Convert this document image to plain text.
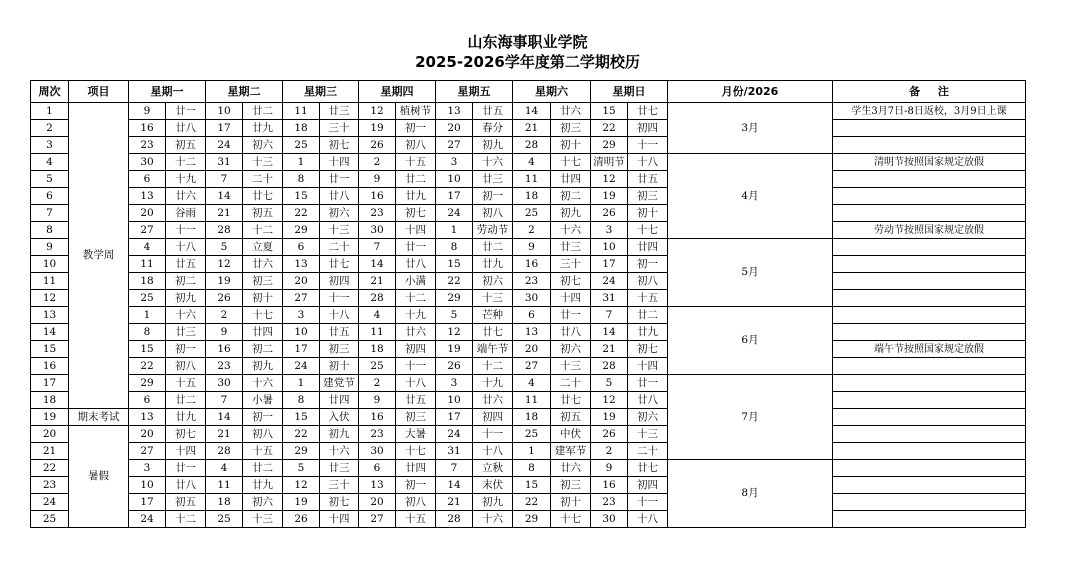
山东海事职业学院
2025-2026学年度第二学期校历
周次	项目	星期一		星期二		星期三		星期四		星期五		星期六		星期日		月份/2026	备 注
1	教学周	9	廿一	10	廿二	11	廿三	12	植树节	13	廿五	14	廿六	15	廿七	3月	学生3月7日-8日返校，3月9日上课
2		16	廿八	17	廿九	18	三十	19	初一	20	春分	21	初三	22	初四		
3		23	初五	24	初六	25	初七	26	初八	27	初九	28	初十	29	十一		
4		30	十二	31	十三	1	十四	2	十五	3	十六	4	十七	清明节	十八	4月	清明节按照国家规定放假
5		6	十九	7	二十	8	廿一	9	廿二	10	廿三	11	廿四	12	廿五		
6		13	廿六	14	廿七	15	廿八	16	廿九	17	初一	18	初二	19	初三		
7		20	谷雨	21	初五	22	初六	23	初七	24	初八	25	初九	26	初十		
8		27	十一	28	十二	29	十三	30	十四	1	劳动节	2	十六	3	十七		劳动节按照国家规定放假
9		4	十八	5	立夏	6	二十	7	廿一	8	廿二	9	廿三	10	廿四	5月	
10		11	廿五	12	廿六	13	廿七	14	廿八	15	廿九	16	三十	17	初一		
11		18	初二	19	初三	20	初四	21	小满	22	初六	23	初七	24	初八		
12		25	初九	26	初十	27	十一	28	十二	29	十三	30	十四	31	十五		
13		1	十六	2	十七	3	十八	4	十九	5	芒种	6	廿一	7	廿二	6月	
14		8	廿三	9	廿四	10	廿五	11	廿六	12	廿七	13	廿八	14	廿九		
15		15	初一	16	初二	17	初三	18	初四	19	端午节	20	初六	21	初七		端午节按照国家规定放假
16		22	初八	23	初九	24	初十	25	十一	26	十二	27	十三	28	十四		
17		29	十五	30	十六	1	建党节	2	十八	3	十九	4	二十	5	廿一	7月	
18		6	廿二	7	小暑	8	廿四	9	廿五	10	廿六	11	廿七	12	廿八		
19	期末考试	13	廿九	14	初一	15	入伏	16	初三	17	初四	18	初五	19	初六		
20	暑假	20	初七	21	初八	22	初九	23	大暑	24	十一	25	中伏	26	十三		
21		27	十四	28	十五	29	十六	30	十七	31	十八	1	建军节	2	二十		
22		3	廿一	4	廿二	5	廿三	6	廿四	7	立秋	8	廿六	9	廿七	8月	
23		10	廿八	11	廿九	12	三十	13	初一	14	末伏	15	初三	16	初四		
24		17	初五	18	初六	19	初七	20	初八	21	初九	22	初十	23	十一		
25		24	十二	25	十三	26	十四	27	十五	28	十六	29	十七	30	十八		
